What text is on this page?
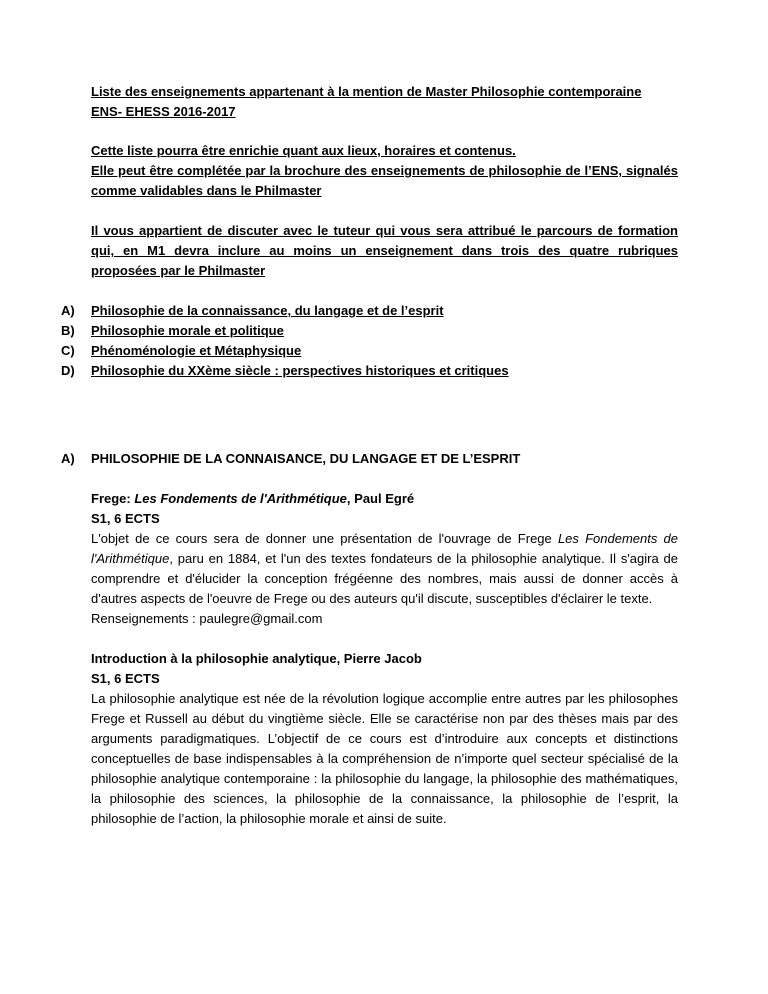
Liste des enseignements appartenant à la mention de Master Philosophie contemporaine

ENS- EHESS 2016-2017

Cette liste pourra être enrichie quant aux lieux, horaires et contenus.

Elle peut être complétée par la brochure des enseignements de philosophie de l’ENS, signalés comme validables dans le Philmaster

Il vous appartient de discuter avec le tuteur qui vous sera attribué le parcours de formation qui, en M1 devra inclure au moins un enseignement dans trois des quatre rubriques proposées par le Philmaster

A)	Philosophie de la connaissance, du langage et de l’esprit
B)	Philosophie morale et politique
C)	Phénoménologie et Métaphysique
D)	Philosophie du XXème siècle : perspectives historiques et critiques
A)	PHILOSOPHIE DE LA CONNAISANCE, DU LANGAGE ET DE L’ESPRIT

Frege: Les Fondements de l'Arithmétique, Paul Egré

S1, 6 ECTS

L'objet de ce cours sera de donner une présentation de l'ouvrage de Frege Les Fondements de l'Arithmétique, paru en 1884, et l'un des textes fondateurs de la philosophie analytique. Il s'agira de comprendre et d'élucider la conception frégéenne des nombres, mais aussi de donner accès à d'autres aspects de l'oeuvre de Frege ou des auteurs qu'il discute, susceptibles d'éclairer le texte.

Renseignements : paulegre@gmail.com

Introduction à la philosophie analytique, Pierre Jacob

S1, 6 ECTS

La philosophie analytique est née de la révolution logique accomplie entre autres par les philosophes Frege et Russell au début du vingtième siècle. Elle se caractérise non par des thèses mais par des arguments paradigmatiques. L’objectif de ce cours est d’introduire aux concepts et distinctions conceptuelles de base indispensables à la compréhension de n’importe quel secteur spécialisé de la philosophie analytique contemporaine : la philosophie du langage, la philosophie des mathématiques, la philosophie des sciences, la philosophie de la connaissance, la philosophie de l’esprit, la philosophie de l’action, la philosophie morale et ainsi de suite.
